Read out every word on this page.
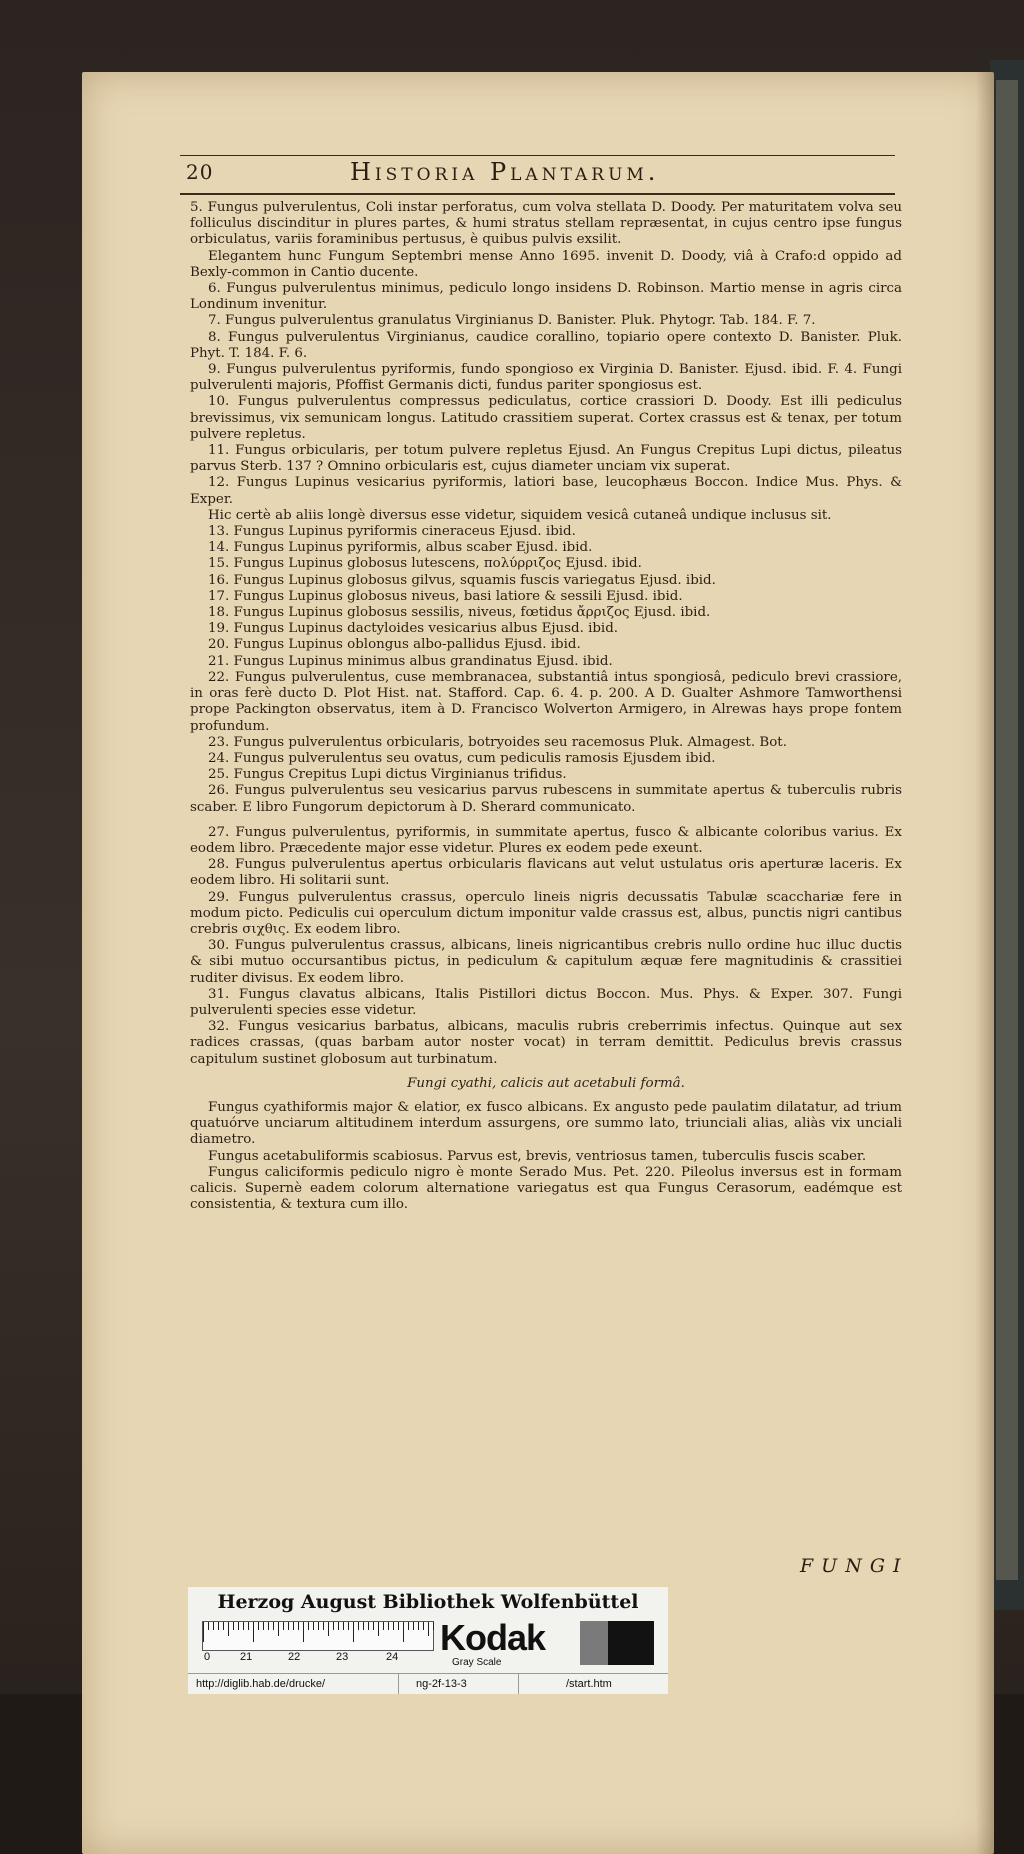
20	Historia Plantarum.

5. Fungus pulverulentus, Coli instar perforatus, cum volva stellata D. Doody. Per maturitatem volva seu folliculus discinditur in plures partes, & humi stratus stellam repræsentat, in cujus centro ipse fungus orbiculatus, variis foraminibus pertusus, è quibus pulvis exsilit.

Elegantem hunc Fungum Septembri mense Anno 1695. invenit D. Doody, viâ à Crafo:d oppido ad Bexly-common in Cantio ducente.

6. Fungus pulverulentus minimus, pediculo longo insidens D. Robinson. Martio mense in agris circa Londinum invenitur.

7. Fungus pulverulentus granulatus Virginianus D. Banister. Pluk. Phytogr. Tab. 184. F. 7.

8. Fungus pulverulentus Virginianus, caudice corallino, topiario opere contexto D. Banister. Pluk. Phyt. T. 184. F. 6.

9. Fungus pulverulentus pyriformis, fundo spongioso ex Virginia D. Banister. Ejusd. ibid. F. 4. Fungi pulverulenti majoris, Pfoffist Germanis dicti, fundus pariter spongiosus est.

10. Fungus pulverulentus compressus pediculatus, cortice crassiori D. Doody. Est illi pediculus brevissimus, vix semunicam longus. Latitudo crassitiem superat. Cortex crassus est & tenax, per totum pulvere repletus.

11. Fungus orbicularis, per totum pulvere repletus Ejusd. An Fungus Crepitus Lupi dictus, pileatus parvus Sterb. 137 ? Omnino orbicularis est, cujus diameter unciam vix superat.

12. Fungus Lupinus vesicarius pyriformis, latiori base, leucophæus Boccon. Indice Mus. Phys. & Exper.

Hic certè ab aliis longè diversus esse videtur, siquidem vesicâ cutaneâ undique inclusus sit.

13. Fungus Lupinus pyriformis cineraceus Ejusd. ibid.

14. Fungus Lupinus pyriformis, albus scaber Ejusd. ibid.

15. Fungus Lupinus globosus lutescens, πολύρριζος Ejusd. ibid.

16. Fungus Lupinus globosus gilvus, squamis fuscis variegatus Ejusd. ibid.

17. Fungus Lupinus globosus niveus, basi latiore & sessili Ejusd. ibid.

18. Fungus Lupinus globosus sessilis, niveus, fœtidus ἄρριζος Ejusd. ibid.

19. Fungus Lupinus dactyloides vesicarius albus Ejusd. ibid.

20. Fungus Lupinus oblongus albo-pallidus Ejusd. ibid.

21. Fungus Lupinus minimus albus grandinatus Ejusd. ibid.

22. Fungus pulverulentus, cuse membranacea, substantiâ intus spongiosâ, pediculo brevi crassiore, in oras ferè ducto D. Plot Hist. nat. Stafford. Cap. 6. 4. p. 200. A D. Gualter Ashmore Tamworthensi prope Packington observatus, item à D. Francisco Wolverton Armigero, in Alrewas hays prope fontem profundum.

23. Fungus pulverulentus orbicularis, botryoides seu racemosus Pluk. Almagest. Bot.

24. Fungus pulverulentus seu ovatus, cum pediculis ramosis Ejusdem ibid.

25. Fungus Crepitus Lupi dictus Virginianus trifidus.

26. Fungus pulverulentus seu vesicarius parvus rubescens in summitate apertus & tuberculis rubris scaber. E libro Fungorum depictorum à D. Sherard communicato.

27. Fungus pulverulentus, pyriformis, in summitate apertus, fusco & albicante coloribus varius. Ex eodem libro. Præcedente major esse videtur. Plures ex eodem pede exeunt.

28. Fungus pulverulentus apertus orbicularis flavicans aut velut ustulatus oris aperturæ laceris. Ex eodem libro. Hi solitarii sunt.

29. Fungus pulverulentus crassus, operculo lineis nigris decussatis Tabulæ scacchariæ fere in modum picto. Pediculis cui operculum dictum imponitur valde crassus est, albus, punctis nigri cantibus crebris σιχθις. Ex eodem libro.

30. Fungus pulverulentus crassus, albicans, lineis nigricantibus crebris nullo ordine huc illuc ductis & sibi mutuo occursantibus pictus, in pediculum & capitulum æquæ fere magnitudinis & crassitiei ruditer divisus. Ex eodem libro.

31. Fungus clavatus albicans, Italis Pistillori dictus Boccon. Mus. Phys. & Exper. 307. Fungi pulverulenti species esse videtur.

32. Fungus vesicarius barbatus, albicans, maculis rubris creberrimis infectus. Quinque aut sex radices crassas, (quas barbam autor noster vocat) in terram demittit. Pediculus brevis crassus capitulum sustinet globosum aut turbinatum.

Fungi cyathi, calicis aut acetabuli formâ.

Fungus cyathiformis major & elatior, ex fusco albicans. Ex angusto pede paulatim dilatatur, ad trium quatuórve unciarum altitudinem interdum assurgens, ore summo lato, triunciali alias, aliàs vix unciali diametro.

Fungus acetabuliformis scabiosus. Parvus est, brevis, ventriosus tamen, tuberculis fuscis scaber.

Fungus caliciformis pediculo nigro è monte Serado Mus. Pet. 220. Pileolus inversus est in formam calicis. Supernè eadem colorum alternatione variegatus est qua Fungus Cerasorum, eadémque est consistentia, & textura cum illo.

FUNGI
Herzog August Bibliothek Wolfenbüttel
0	21	22	23	24 Kodak
Gray Scale
http://diglib.hab.de/drucke/	ng-2f-13-3	/start.htm
